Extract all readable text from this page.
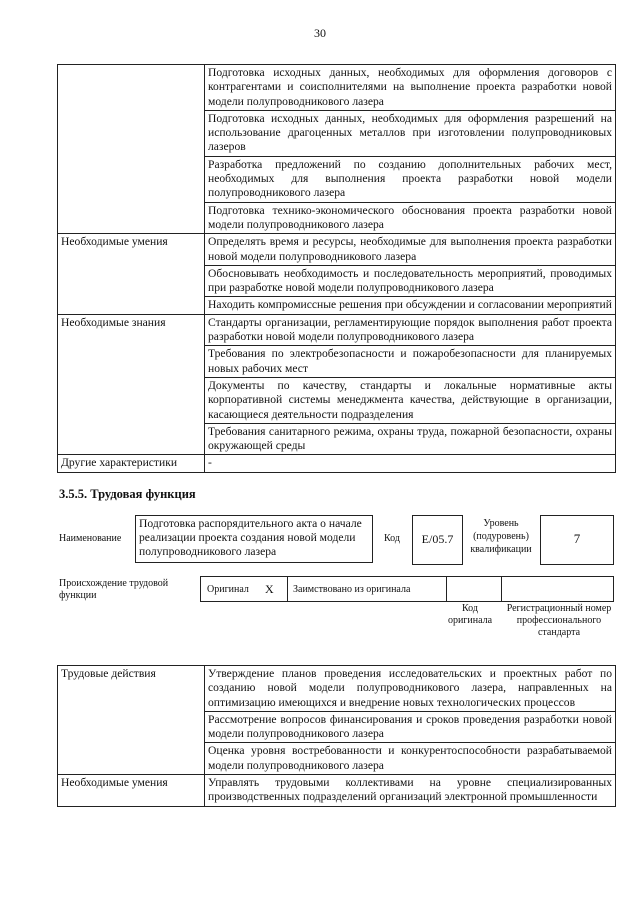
30
	Подготовка исходных данных, необходимых для оформления договоров с контрагентами и соисполнителями на выполнение проекта разработки новой модели полупроводникового лазера
	Подготовка исходных данных, необходимых для оформления разрешений на использование драгоценных металлов при изготовлении полупроводниковых лазеров
	Разработка предложений по созданию дополнительных рабочих мест, необходимых для выполнения проекта разработки новой модели полупроводникового лазера
	Подготовка технико-экономического обоснования проекта разработки новой модели полупроводникового лазера
Необходимые умения	Определять время и ресурсы, необходимые для выполнения проекта разработки новой модели полупроводникового лазера
	Обосновывать необходимость и последовательность мероприятий, проводимых при разработке новой модели полупроводникового лазера
	Находить компромиссные решения при обсуждении и согласовании мероприятий
Необходимые знания	Стандарты организации, регламентирующие порядок выполнения работ проекта разработки новой модели полупроводникового лазера
	Требования по электробезопасности и пожаробезопасности для планируемых новых рабочих мест
	Документы по качеству, стандарты и локальные нормативные акты корпоративной системы менеджмента качества, действующие в организации, касающиеся деятельности подразделения
	Требования санитарного режима, охраны труда, пожарной безопасности, охраны окружающей среды
Другие характеристики	-
3.5.5. Трудовая функция
Наименование
Подготовка распорядительного акта о начале реализации проекта создания новой модели полупроводникового лазера
Код	E/05.7
Уровень (подуровень) квалификации
7
Происхождение трудовой функции
Оригинал X Заимствовано из оригинала
Код оригинала
Регистрационный номер профессионального стандарта
Трудовые действия	Утверждение планов проведения исследовательских и проектных работ по созданию новой модели полупроводникового лазера, направленных на оптимизацию имеющихся и внедрение новых технологических процессов
	Рассмотрение вопросов финансирования и сроков проведения разработки новой модели полупроводникового лазера
	Оценка уровня востребованности и конкурентоспособности разрабатываемой модели полупроводникового лазера
Необходимые умения	Управлять трудовыми коллективами на уровне специализированных производственных подразделений организаций электронной промышленности
